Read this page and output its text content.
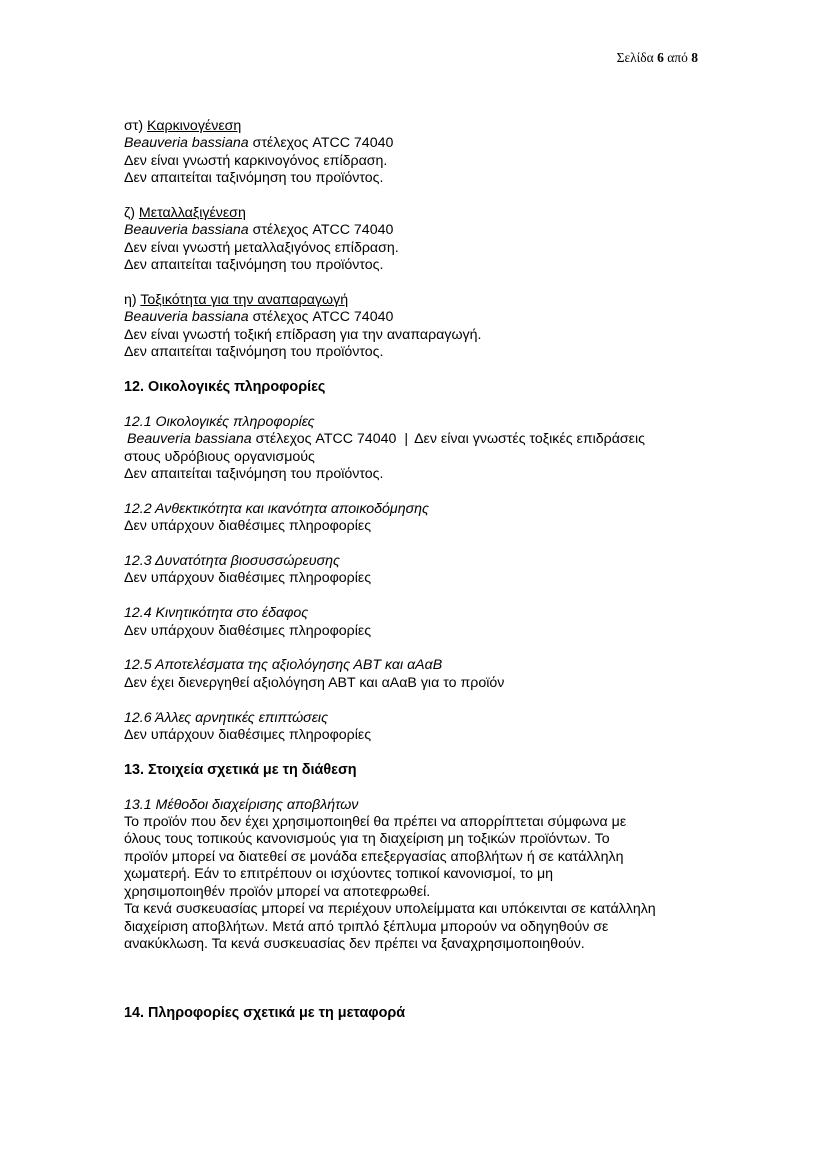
Σελίδα 6 από 8
στ) Καρκινογένεση
Beauveria bassiana στέλεχος ATCC 74040
Δεν είναι γνωστή καρκινογόνος επίδραση.
Δεν απαιτείται ταξινόμηση του προϊόντος.
ζ) Μεταλλαξιγένεση
Beauveria bassiana στέλεχος ATCC 74040
Δεν είναι γνωστή μεταλλαξιγόνος επίδραση.
Δεν απαιτείται ταξινόμηση του προϊόντος.
η) Τοξικότητα για την αναπαραγωγή
Beauveria bassiana στέλεχος ATCC 74040
Δεν είναι γνωστή τοξική επίδραση για την αναπαραγωγή.
Δεν απαιτείται ταξινόμηση του προϊόντος.
12. Οικολογικές πληροφορίες
12.1 Οικολογικές πληροφορίες
Beauveria bassiana στέλεχος ATCC 74040 | Δεν είναι γνωστές τοξικές επιδράσεις
στους υδρόβιους οργανισμούς
Δεν απαιτείται ταξινόμηση του προϊόντος.
12.2 Ανθεκτικότητα και ικανότητα αποικοδόμησης
Δεν υπάρχουν διαθέσιμες πληροφορίες
12.3 Δυνατότητα βιοσυσσώρευσης
Δεν υπάρχουν διαθέσιμες πληροφορίες
12.4 Κινητικότητα στο έδαφος
Δεν υπάρχουν διαθέσιμες πληροφορίες
12.5 Αποτελέσματα της αξιολόγησης ΑΒΤ και αΑαΒ
Δεν έχει διενεργηθεί αξιολόγηση ΑΒΤ και αΑαΒ για το προϊόν
12.6 Άλλες αρνητικές επιπτώσεις
Δεν υπάρχουν διαθέσιμες πληροφορίες
13. Στοιχεία σχετικά με τη διάθεση
13.1 Μέθοδοι διαχείρισης αποβλήτων
Το προϊόν που δεν έχει χρησιμοποιηθεί θα πρέπει να απορρίπτεται σύμφωνα με
όλους τους τοπικούς κανονισμούς για τη διαχείριση μη τοξικών προϊόντων. Το
προϊόν μπορεί να διατεθεί σε μονάδα επεξεργασίας αποβλήτων ή σε κατάλληλη
χωματερή. Εάν το επιτρέπουν οι ισχύοντες τοπικοί κανονισμοί, το μη
χρησιμοποιηθέν προϊόν μπορεί να αποτεφρωθεί.
Τα κενά συσκευασίας μπορεί να περιέχουν υπολείμματα και υπόκεινται σε κατάλληλη
διαχείριση αποβλήτων. Μετά από τριπλό ξέπλυμα μπορούν να οδηγηθούν σε
ανακύκλωση. Τα κενά συσκευασίας δεν πρέπει να ξαναχρησιμοποιηθούν.
14. Πληροφορίες σχετικά με τη μεταφορά
